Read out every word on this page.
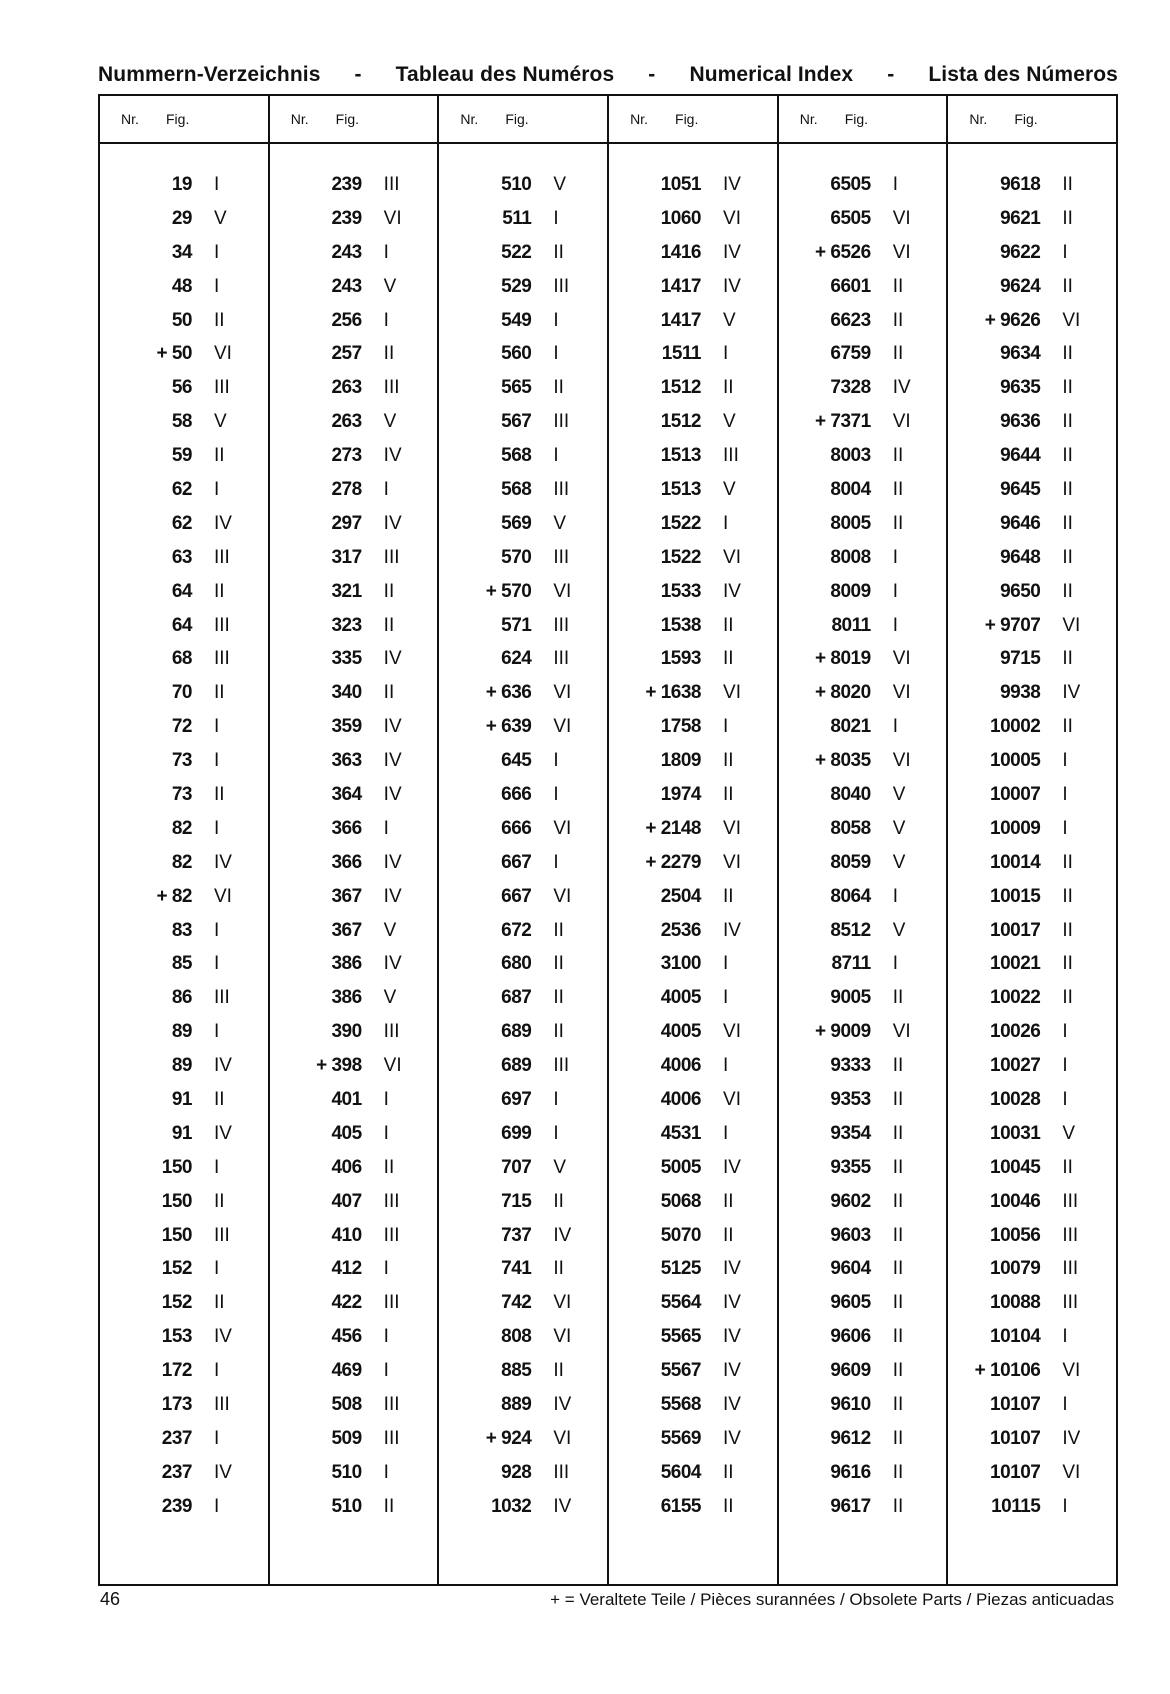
Nummern-Verzeichnis - Tableau des Numéros - Numerical Index - Lista des Números
Nr.	Fig.
19 I
29 V
34 I
48 I
50 II
+ 50 VI
56 III
58 V
59 II
62 I
62 IV
63 III
64 II
64 III
68 III
70 II
72 I
73 I
73 II
82 I
82 IV
+ 82 VI
83 I
85 I
86 III
89 I
89 IV
91 II
91 IV
150 I
150 II
150 III
152 I
152 II
153 IV
172 I
173 III
237 I
237 IV
239 I
Nr.	Fig.
239 III
239 VI
243 I
243 V
256 I
257 II
263 III
263 V
273 IV
278 I
297 IV
317 III
321 II
323 II
335 IV
340 II
359 IV
363 IV
364 IV
366 I
366 IV
367 IV
367 V
386 IV
386 V
390 III
+ 398 VI
401 I
405 I
406 II
407 III
410 III
412 I
422 III
456 I
469 I
508 III
509 III
510 I
510 II
Nr.	Fig.
510 V
511 I
522 II
529 III
549 I
560 I
565 II
567 III
568 I
568 III
569 V
570 III
+ 570 VI
571 III
624 III
+ 636 VI
+ 639 VI
645 I
666 I
666 VI
667 I
667 VI
672 II
680 II
687 II
689 II
689 III
697 I
699 I
707 V
715 II
737 IV
741 II
742 VI
808 VI
885 II
889 IV
+ 924 VI
928 III
1032 IV
Nr.	Fig.
1051 IV
1060 VI
1416 IV
1417 IV
1417 V
1511 I
1512 II
1512 V
1513 III
1513 V
1522 I
1522 VI
1533 IV
1538 II
1593 II
+ 1638 VI
1758 I
1809 II
1974 II
+ 2148 VI
+ 2279 VI
2504 II
2536 IV
3100 I
4005 I
4005 VI
4006 I
4006 VI
4531 I
5005 IV
5068 II
5070 II
5125 IV
5564 IV
5565 IV
5567 IV
5568 IV
5569 IV
5604 II
6155 II
Nr.	Fig.
6505 I
6505 VI
+ 6526 VI
6601 II
6623 II
6759 II
7328 IV
+ 7371 VI
8003 II
8004 II
8005 II
8008 I
8009 I
8011 I
+ 8019 VI
+ 8020 VI
8021 I
+ 8035 VI
8040 V
8058 V
8059 V
8064 I
8512 V
8711 I
9005 II
+ 9009 VI
9333 II
9353 II
9354 II
9355 II
9602 II
9603 II
9604 II
9605 II
9606 II
9609 II
9610 II
9612 II
9616 II
9617 II
Nr.	Fig.
9618 II
9621 II
9622 I
9624 II
+ 9626 VI
9634 II
9635 II
9636 II
9644 II
9645 II
9646 II
9648 II
9650 II
+ 9707 VI
9715 II
9938 IV
10002 II
10005 I
10007 I
10009 I
10014 II
10015 II
10017 II
10021 II
10022 II
10026 I
10027 I
10028 I
10031 V
10045 II
10046 III
10056 III
10079 III
10088 III
10104 I
+ 10106 VI
10107 I
10107 IV
10107 VI
10115 I
46	+ = Veraltete Teile / Pièces surannées / Obsolete Parts / Piezas anticuadas
